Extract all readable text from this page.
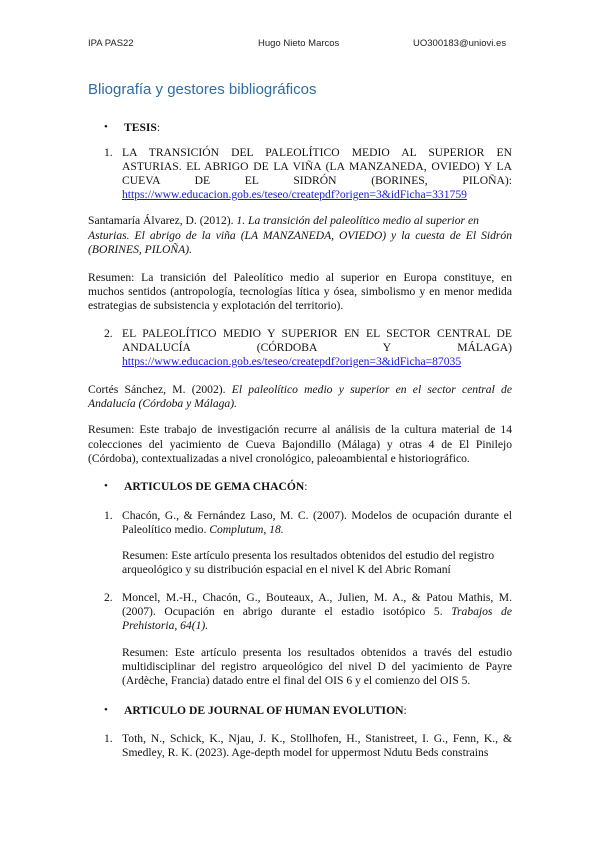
IPA PAS22	Hugo Nieto Marcos	UO300183@uniovi.es
Bliografía y gestores bibliográficos
• TESIS:
1. LA TRANSICIÓN DEL PALEOLÍTICO MEDIO AL SUPERIOR EN
ASTURIAS. EL ABRIGO DE LA VIÑA (LA MANZANEDA, OVIEDO) Y LA
CUEVA DE EL SIDRÓN (BORINES, PILOÑA):
https://www.educacion.gob.es/teseo/createpdf?origen=3&idFicha=331759
Santamaría Álvarez, D. (2012). 1. La transición del paleolítico medio al superior en
Asturias. El abrigo de la viña (LA MANZANEDA, OVIEDO) y la cuesta de El Sidrón
(BORINES, PILOÑA).
Resumen: La transición del Paleolítico medio al superior en Europa constituye, en
muchos sentidos (antropología, tecnologías lítica y ósea, simbolismo y en menor medida
estrategias de subsistencia y explotación del territorio).
2. EL PALEOLÍTICO MEDIO Y SUPERIOR EN EL SECTOR CENTRAL DE
ANDALUCÍA (CÓRDOBA Y MÁLAGA)
https://www.educacion.gob.es/teseo/createpdf?origen=3&idFicha=87035
Cortés Sánchez, M. (2002). El paleolítico medio y superior en el sector central de
Andalucía (Córdoba y Málaga).
Resumen: Este trabajo de investigación recurre al análisis de la cultura material de 14
colecciones del yacimiento de Cueva Bajondillo (Málaga) y otras 4 de El Pinilejo
(Córdoba), contextualizadas a nivel cronológico, paleoambiental e historiográfico.
• ARTICULOS DE GEMA CHACÓN:
1. Chacón, G., & Fernández Laso, M. C. (2007). Modelos de ocupación durante el
Paleolítico medio. Complutum, 18.
Resumen: Este artículo presenta los resultados obtenidos del estudio del registro
arqueológico y su distribución espacial en el nivel K del Abric Romaní
2. Moncel, M.-H., Chacón, G., Bouteaux, A., Julien, M. A., & Patou Mathis, M.
(2007). Ocupación en abrigo durante el estadio isotópico 5. Trabajos de
Prehistoria, 64(1).
Resumen: Este artículo presenta los resultados obtenidos a través del estudio
multidisciplinar del registro arqueológico del nivel D del yacimiento de Payre
(Ardèche, Francia) datado entre el final del OIS 6 y el comienzo del OIS 5.
• ARTICULO DE JOURNAL OF HUMAN EVOLUTION:
1. Toth, N., Schick, K., Njau, J. K., Stollhofen, H., Stanistreet, I. G., Fenn, K., &
Smedley, R. K. (2023). Age-depth model for uppermost Ndutu Beds constrains
